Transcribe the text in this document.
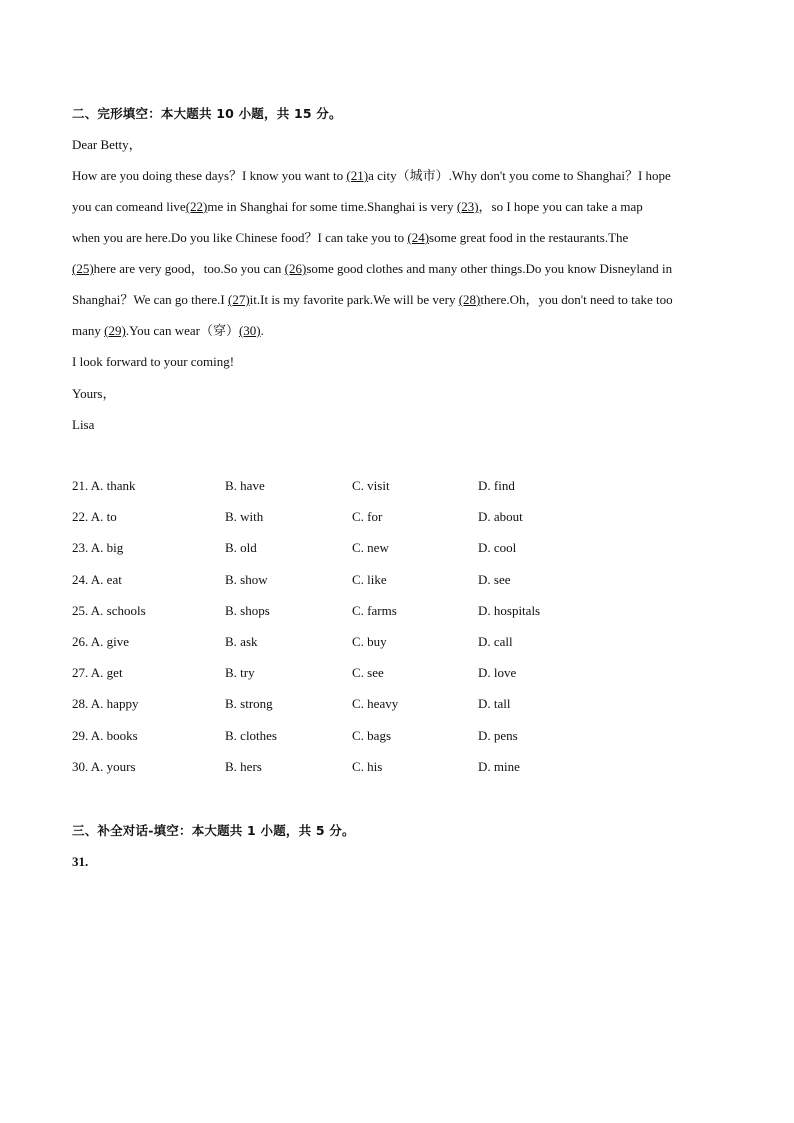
二、完形填空：本大题共 10 小题，共 15 分。
Dear Betty，
How are you doing these days？I know you want to (21)a city（城市）.Why don't you come to Shanghai？I hope
you can comeand live(22)me in Shanghai for some time.Shanghai is very (23)，so I hope you can take a map
when you are here.Do you like Chinese food？I can take you to (24)some great food in the restaurants.The
(25)here are very good，too.So you can (26)some good clothes and many other things.Do you know Disneyland in
Shanghai？We can go there.I (27)it.It is my favorite park.We will be very (28)there.Oh，you don't need to take too
many (29).You can wear（穿）(30).
I look forward to your coming!
Yours，
Lisa
21. A. thank	B. have	C. visit	D. find
22. A. to	B. with	C. for	D. about
23. A. big	B. old	C. new	D. cool
24. A. eat	B. show	C. like	D. see
25. A. schools	B. shops	C. farms	D. hospitals
26. A. give	B. ask	C. buy	D. call
27. A. get	B. try	C. see	D. love
28. A. happy	B. strong	C. heavy	D. tall
29. A. books	B. clothes	C. bags	D. pens
30. A. yours	B. hers	C. his	D. mine
三、补全对话-填空：本大题共 1 小题，共 5 分。
31.
